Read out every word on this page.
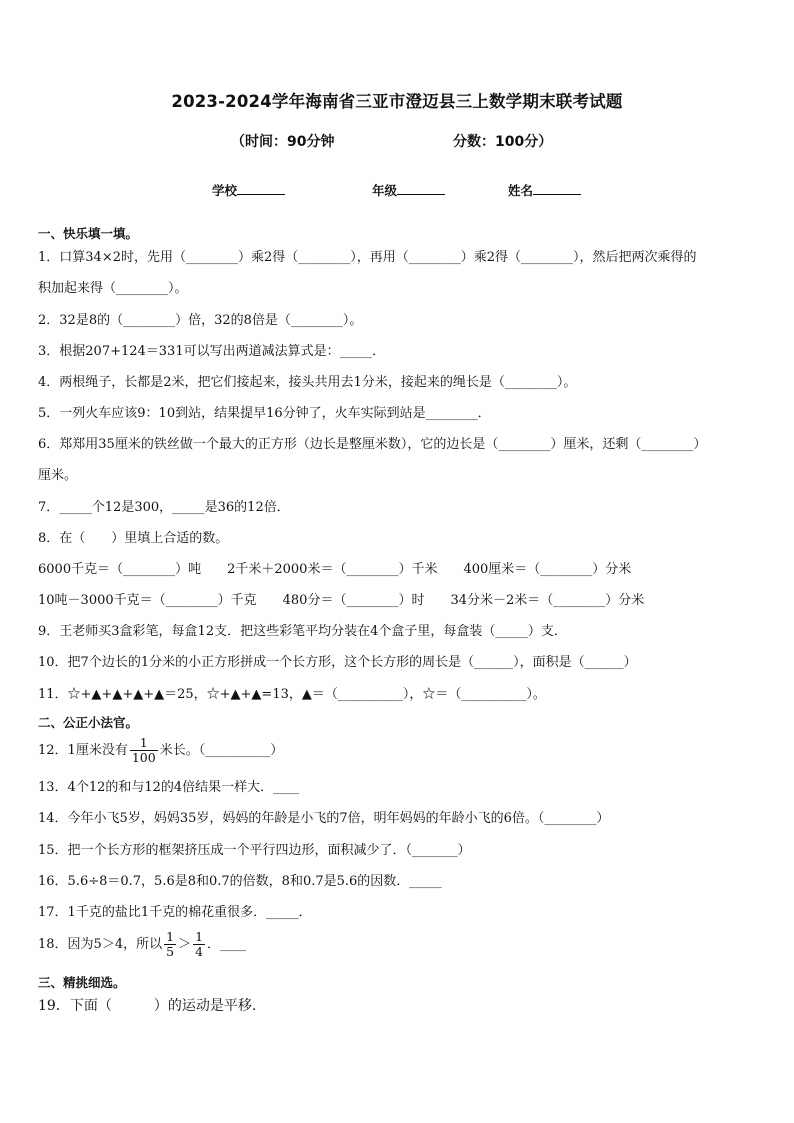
2023-2024学年海南省三亚市澄迈县三上数学期末联考试题
（时间：90分钟	分数：100分）
学校	年级	姓名
一、快乐填一填。
1．口算34×2时，先用（________）乘2得（________），再用（________）乘2得（________），然后把两次乘得的
积加起来得（________）。
2．32是8的（________）倍，32的8倍是（________）。
3．根据207+124＝331可以写出两道减法算式是：_____．
4．两根绳子，长都是2米，把它们接起来，接头共用去1分米，接起来的绳长是（________）。
5．一列火车应该9：10到站，结果提早16分钟了，火车实际到站是________．
6．郑郑用35厘米的铁丝做一个最大的正方形（边长是整厘米数），它的边长是（________）厘米，还剩（________）
厘米。
7．_____个12是300，_____是36的12倍．
8．在（　　）里填上合适的数。
6000千克＝（________）吨　　2千米＋2000米＝（________）千米　　400厘米＝（________）分米
10吨－3000千克＝（________）千克　　480分＝（________）时　　34分米－2米＝（________）分米
9．王老师买3盒彩笔，每盒12支．把这些彩笔平均分装在4个盒子里，每盒装（_____）支．
10．把7个边长的1分米的小正方形拼成一个长方形，这个长方形的周长是（______），面积是（______）
11．☆+▲+▲+▲+▲＝25，☆+▲+▲=13，▲＝（__________），☆＝（__________）。
二、公正小法官。
12．1厘米没有 $\frac{1}{100}$ 米长。（__________）
13．4个12的和与12的4倍结果一样大．____
14．今年小飞5岁，妈妈35岁，妈妈的年龄是小飞的7倍，明年妈妈的年龄小飞的6倍。（________）
15．把一个长方形的框架挤压成一个平行四边形，面积减少了．（_______）
16．5.6÷8＝0.7，5.6是8和0.7的倍数，8和0.7是5.6的因数．_____
17．1千克的盐比1千克的棉花重很多．_____．
18．因为5＞4，所以 $\frac{1}{5} > \frac{1}{4}$ ．____
三、精挑细选。
19．下面（　　　）的运动是平移.
